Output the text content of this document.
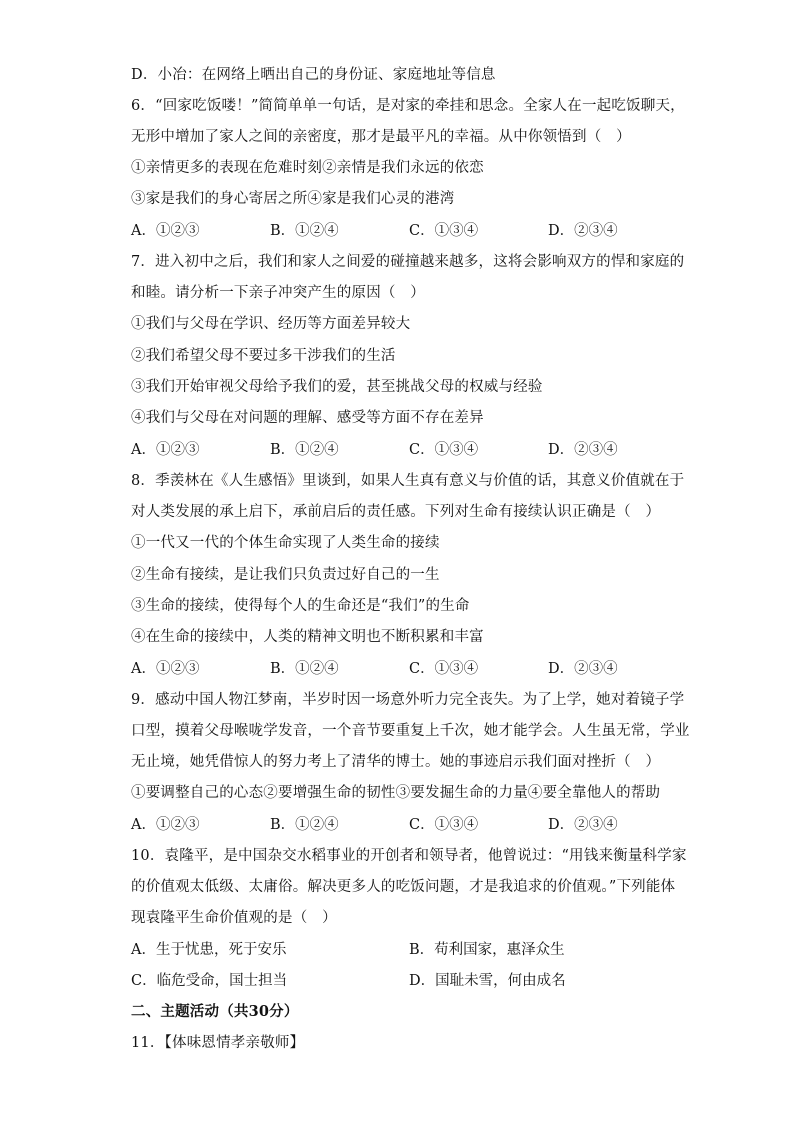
D．小冶：在网络上晒出自己的身份证、家庭地址等信息
6．“回家吃饭喽！”简简单单一句话，是对家的牵挂和思念。全家人在一起吃饭聊天，
无形中增加了家人之间的亲密度，那才是最平凡的幸福。从中你领悟到（　）
①亲情更多的表现在危难时刻②亲情是我们永远的依恋
③家是我们的身心寄居之所④家是我们心灵的港湾
A．①②③	B．①②④	C．①③④	D．②③④
7．进入初中之后，我们和家人之间爱的碰撞越来越多，这将会影响双方的悍和家庭的
和睦。请分析一下亲子冲突产生的原因（　）
①我们与父母在学识、经历等方面差异较大
②我们希望父母不要过多干涉我们的生活
③我们开始审视父母给予我们的爱，甚至挑战父母的权威与经验
④我们与父母在对问题的理解、感受等方面不存在差异
A．①②③	B．①②④	C．①③④	D．②③④
8．季羡林在《人生感悟》里谈到，如果人生真有意义与价值的话，其意义价值就在于
对人类发展的承上启下，承前启后的责任感。下列对生命有接续认识正确是（　）
①一代又一代的个体生命实现了人类生命的接续
②生命有接续，是让我们只负责过好自己的一生
③生命的接续，使得每个人的生命还是“我们”的生命
④在生命的接续中，人类的精神文明也不断积累和丰富
A．①②③	B．①②④	C．①③④	D．②③④
9．感动中国人物江梦南，半岁时因一场意外听力完全丧失。为了上学，她对着镜子学
口型，摸着父母喉咙学发音，一个音节要重复上千次，她才能学会。人生虽无常，学业
无止境，她凭借惊人的努力考上了清华的博士。她的事迹启示我们面对挫折（　）
①要调整自己的心态②要增强生命的韧性③要发掘生命的力量④要全靠他人的帮助
A．①②③	B．①②④	C．①③④	D．②③④
10．袁隆平，是中国杂交水稻事业的开创者和领导者，他曾说过：“用钱来衡量科学家
的价值观太低级、太庸俗。解决更多人的吃饭问题，才是我追求的价值观。”下列能体
现袁隆平生命价值观的是（　）
A．生于忧患，死于安乐	B．苟利国家，惠泽众生
C．临危受命，国士担当	D．国耻未雪，何由成名
二、主题活动（共30分）
11．【体味恩情孝亲敬师】
